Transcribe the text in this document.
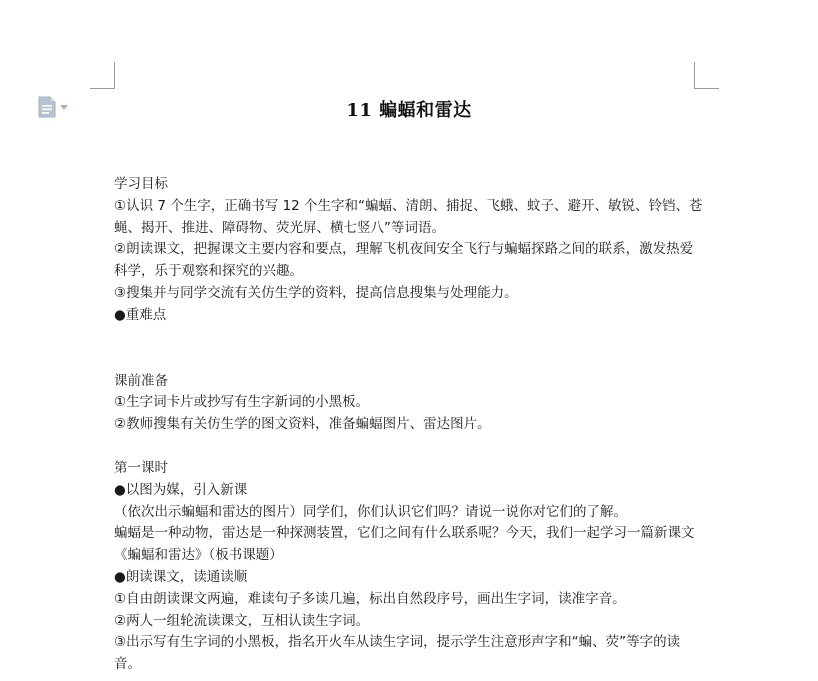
11 蝙蝠和雷达

学习目标

①认识 7 个生字，正确书写 12 个生字和“蝙蝠、清朗、捕捉、飞蛾、蚊子、避开、敏锐、铃铛、苍蝇、揭开、推进、障碍物、荧光屏、横七竖八”等词语。

②朗读课文，把握课文主要内容和要点，理解飞机夜间安全飞行与蝙蝠探路之间的联系，激发热爱科学，乐于观察和探究的兴趣。

③搜集并与同学交流有关仿生学的资料，提高信息搜集与处理能力。

●重难点

课前准备

①生字词卡片或抄写有生字新词的小黑板。

②教师搜集有关仿生学的图文资料，准备蝙蝠图片、雷达图片。

第一课时

●以图为媒，引入新课

（依次出示蝙蝠和雷达的图片）同学们，你们认识它们吗？请说一说你对它们的了解。

蝙蝠是一种动物，雷达是一种探测装置，它们之间有什么联系呢？今天，我们一起学习一篇新课文《蝙蝠和雷达》（板书课题）

●朗读课文，读通读顺

①自由朗读课文两遍，难读句子多读几遍，标出自然段序号，画出生字词，读准字音。

②两人一组轮流读课文，互相认读生字词。

③出示写有生字词的小黑板，指名开火车从读生字词，提示学生注意形声字和“蝙、荧”等字的读音。
